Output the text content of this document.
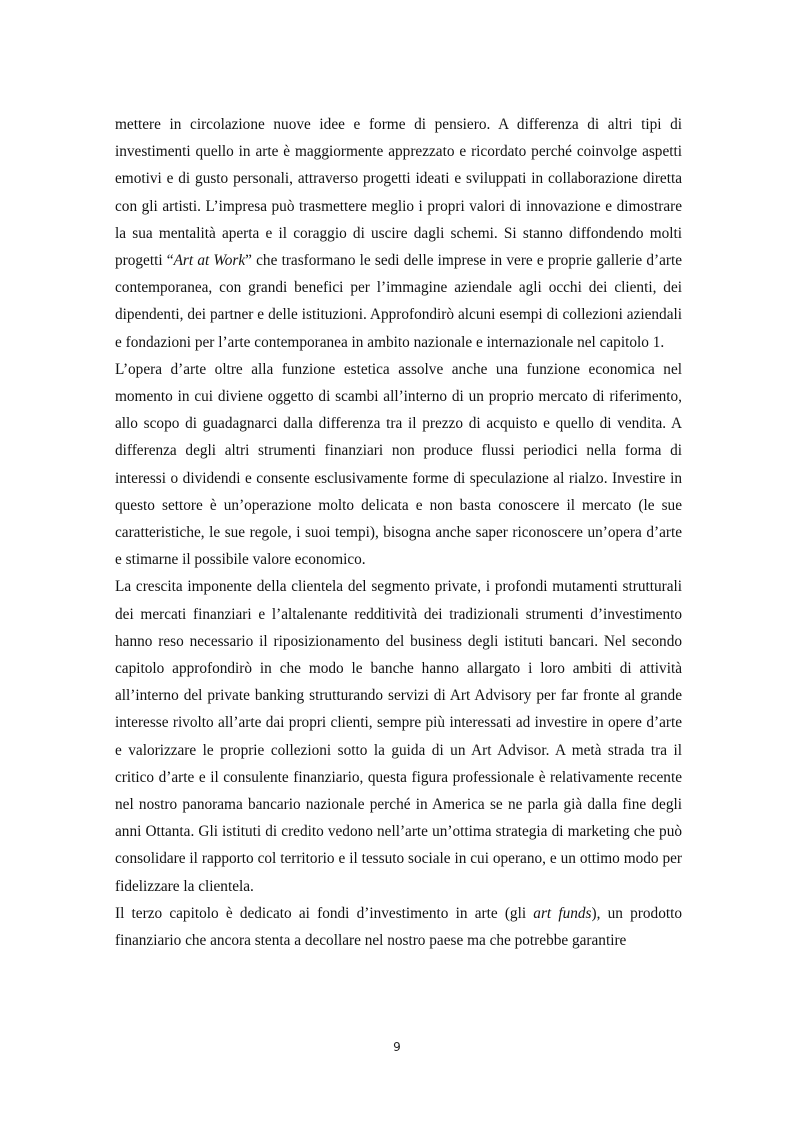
mettere in circolazione nuove idee e forme di pensiero. A differenza di altri tipi di investimenti quello in arte è maggiormente apprezzato e ricordato perché coinvolge aspetti emotivi e di gusto personali, attraverso progetti ideati e sviluppati in collaborazione diretta con gli artisti. L’impresa può trasmettere meglio i propri valori di innovazione e dimostrare la sua mentalità aperta e il coraggio di uscire dagli schemi. Si stanno diffondendo molti progetti “Art at Work” che trasformano le sedi delle imprese in vere e proprie gallerie d’arte contemporanea, con grandi benefici per l’immagine aziendale agli occhi dei clienti, dei dipendenti, dei partner e delle istituzioni. Approfondirò alcuni esempi di collezioni aziendali e fondazioni per l’arte contemporanea in ambito nazionale e internazionale nel capitolo 1.

L’opera d’arte oltre alla funzione estetica assolve anche una funzione economica nel momento in cui diviene oggetto di scambi all’interno di un proprio mercato di riferimento, allo scopo di guadagnarci dalla differenza tra il prezzo di acquisto e quello di vendita. A differenza degli altri strumenti finanziari non produce flussi periodici nella forma di interessi o dividendi e consente esclusivamente forme di speculazione al rialzo. Investire in questo settore è un’operazione molto delicata e non basta conoscere il mercato (le sue caratteristiche, le sue regole, i suoi tempi), bisogna anche saper riconoscere un’opera d’arte e stimarne il possibile valore economico.

La crescita imponente della clientela del segmento private, i profondi mutamenti strutturali dei mercati finanziari e l’altalenante redditività dei tradizionali strumenti d’investimento hanno reso necessario il riposizionamento del business degli istituti bancari. Nel secondo capitolo approfondirò in che modo le banche hanno allargato i loro ambiti di attività all’interno del private banking strutturando servizi di Art Advisory per far fronte al grande interesse rivolto all’arte dai propri clienti, sempre più interessati ad investire in opere d’arte e valorizzare le proprie collezioni sotto la guida di un Art Advisor. A metà strada tra il critico d’arte e il consulente finanziario, questa figura professionale è relativamente recente nel nostro panorama bancario nazionale perché in America se ne parla già dalla fine degli anni Ottanta. Gli istituti di credito vedono nell’arte un’ottima strategia di marketing che può consolidare il rapporto col territorio e il tessuto sociale in cui operano, e un ottimo modo per fidelizzare la clientela.

Il terzo capitolo è dedicato ai fondi d’investimento in arte (gli art funds), un prodotto finanziario che ancora stenta a decollare nel nostro paese ma che potrebbe garantire

9
